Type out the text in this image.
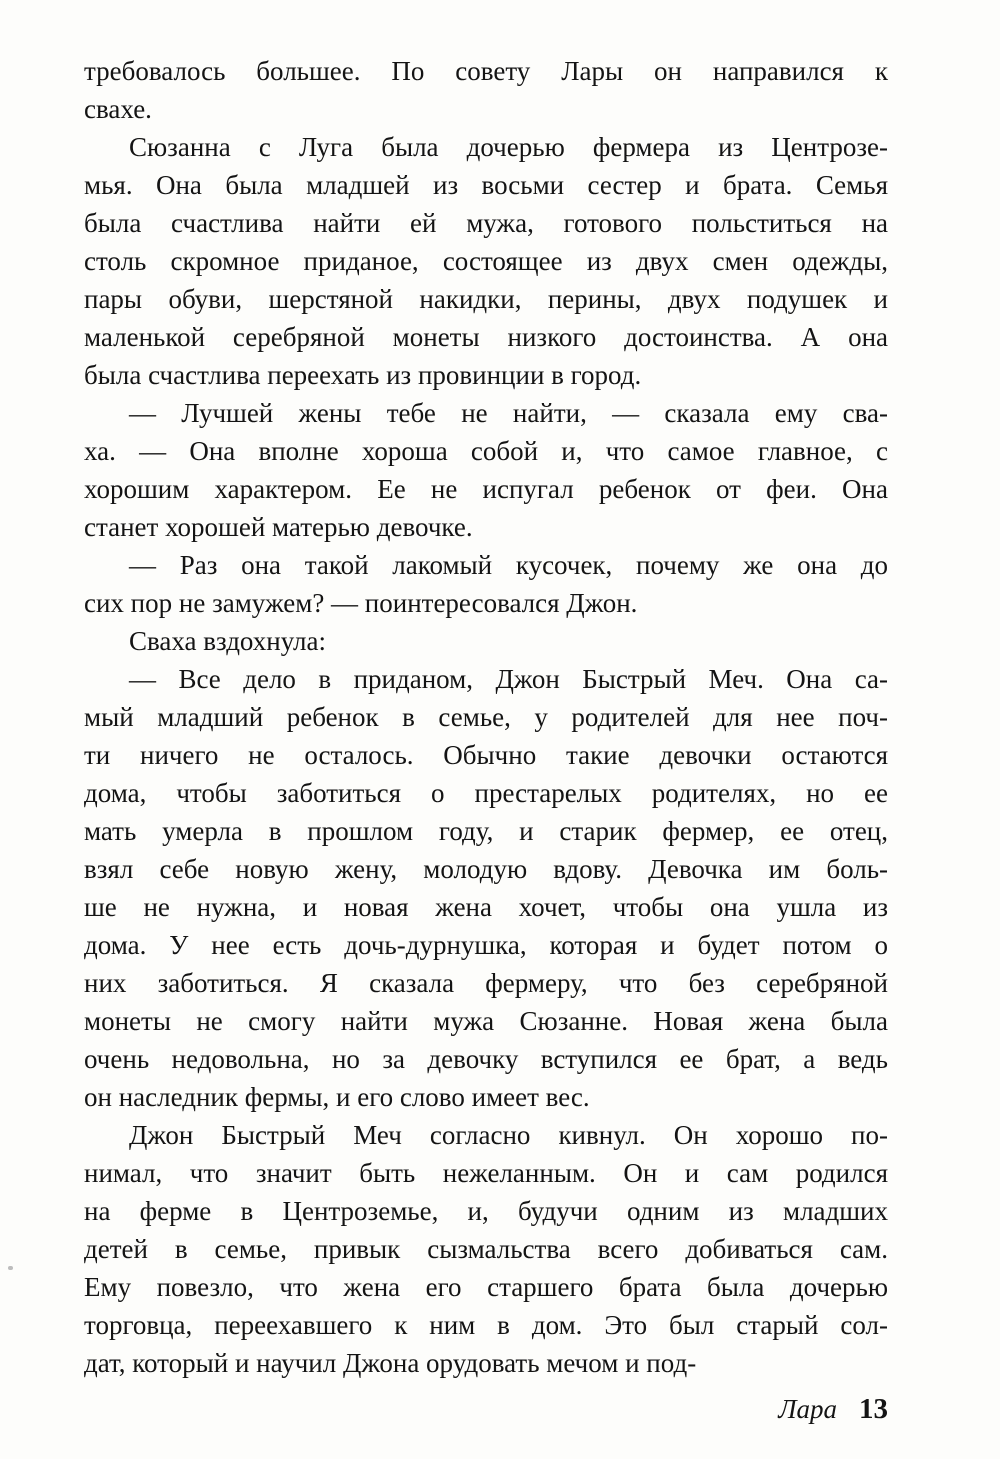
требовалось большее. По совету Лары он направился к
свахе.

Сюзанна с Луга была дочерью фермера из Центрозе-
мья. Она была младшей из восьми сестер и брата. Семья
была счастлива найти ей мужа, готового польститься на
столь скромное приданое, состоящее из двух смен одежды,
пары обуви, шерстяной накидки, перины, двух подушек и
маленькой серебряной монеты низкого достоинства. А она
была счастлива переехать из провинции в город.

— Лучшей жены тебе не найти, — сказала ему сва-
ха. — Она вполне хороша собой и, что самое главное, с
хорошим характером. Ее не испугал ребенок от феи. Она
станет хорошей матерью девочке.

— Раз она такой лакомый кусочек, почему же она до
сих пор не замужем? — поинтересовался Джон.

Сваха вздохнула:

— Все дело в приданом, Джон Быстрый Меч. Она са-
мый младший ребенок в семье, у родителей для нее поч-
ти ничего не осталось. Обычно такие девочки остаются
дома, чтобы заботиться о престарелых родителях, но ее
мать умерла в прошлом году, и старик фермер, ее отец,
взял себе новую жену, молодую вдову. Девочка им боль-
ше не нужна, и новая жена хочет, чтобы она ушла из
дома. У нее есть дочь-дурнушка, которая и будет потом о
них заботиться. Я сказала фермеру, что без серебряной
монеты не смогу найти мужа Сюзанне. Новая жена была
очень недовольна, но за девочку вступился ее брат, а ведь
он наследник фермы, и его слово имеет вес.

Джон Быстрый Меч согласно кивнул. Он хорошо по-
нимал, что значит быть нежеланным. Он и сам родился
на ферме в Центроземье, и, будучи одним из младших
детей в семье, привык сызмальства всего добиваться сам.
Ему повезло, что жена его старшего брата была дочерью
торговца, переехавшего к ним в дом. Это был старый сол-
дат, который и научил Джона орудовать мечом и под-

Лара 13
